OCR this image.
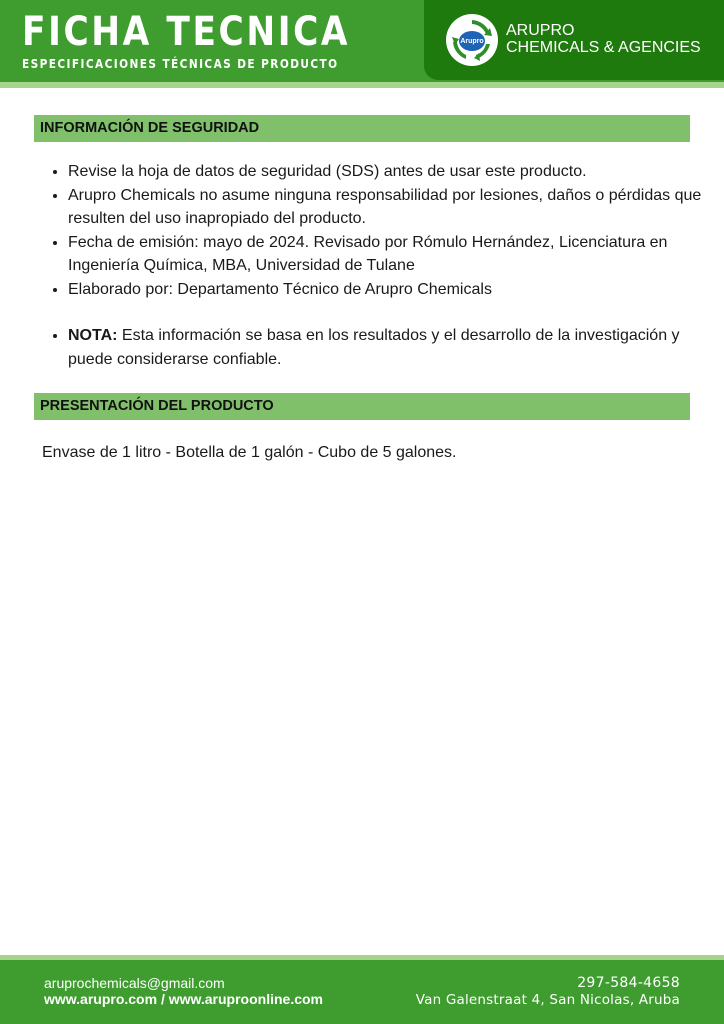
FICHA TECNICA
ESPECIFICACIONES TÉCNICAS DE PRODUCTO
Arupro
ARUPRO
CHEMICALS & AGENCIES
INFORMACIÓN DE SEGURIDAD
• Revise la hoja de datos de seguridad (SDS) antes de usar este producto.
• Arupro Chemicals no asume ninguna responsabilidad por lesiones, daños o pérdidas que resulten del uso inapropiado del producto.
• Fecha de emisión: mayo de 2024. Revisado por Rómulo Hernández, Licenciatura en Ingeniería Química, MBA, Universidad de Tulane
• Elaborado por: Departamento Técnico de Arupro Chemicals
• NOTA: Esta información se basa en los resultados y el desarrollo de la investigación y puede considerarse confiable.
PRESENTACIÓN DEL PRODUCTO
Envase de 1 litro - Botella de 1 galón - Cubo de 5 galones.
aruprochemicals@gmail.com
www.arupro.com / www.aruproonline.com
297-584-4658
Van Galenstraat 4, San Nicolas, Aruba
